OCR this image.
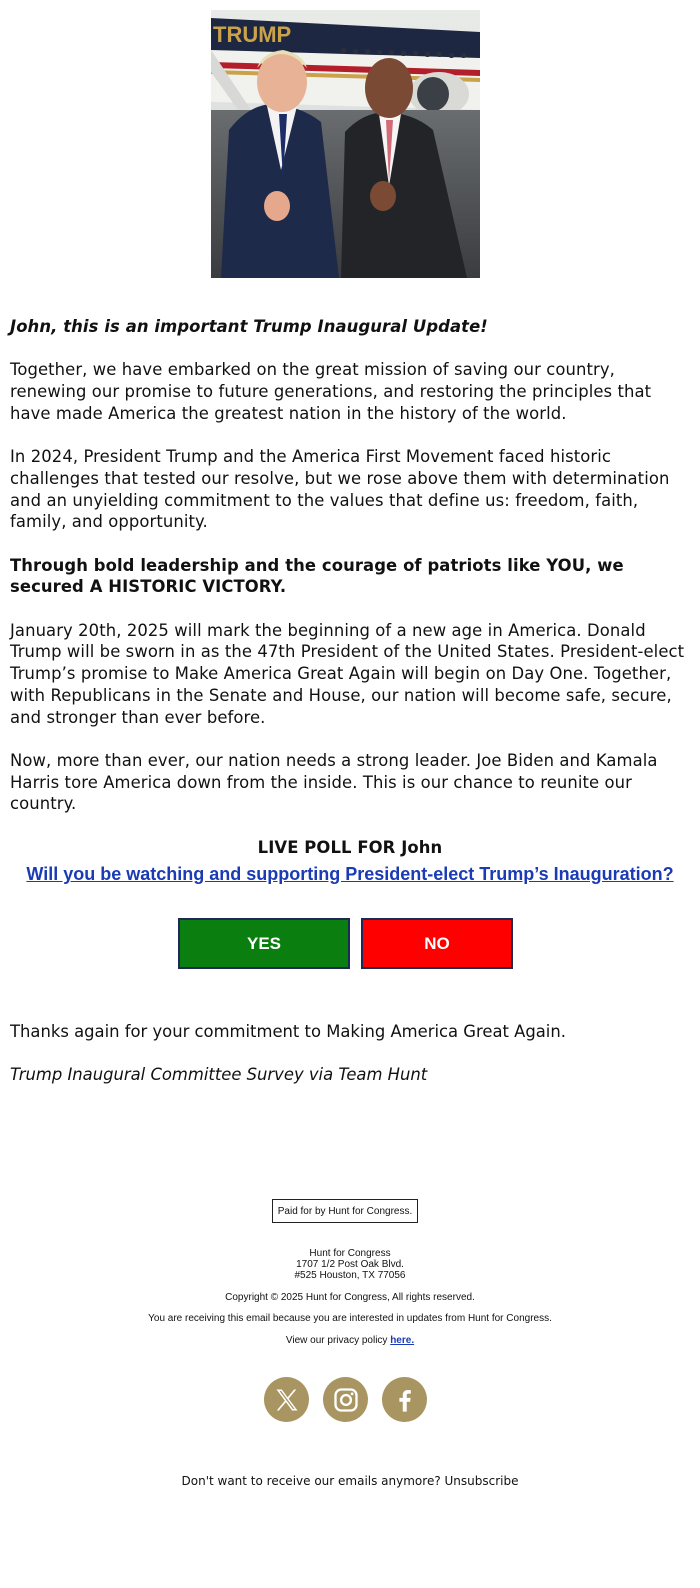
TRUMP

John, this is an important Trump Inaugural Update!

Together, we have embarked on the great mission of saving our country, renewing our promise to future generations, and restoring the principles that have made America the greatest nation in the history of the world.

In 2024, President Trump and the America First Movement faced historic challenges that tested our resolve, but we rose above them with determination and an unyielding commitment to the values that define us: freedom, faith, family, and opportunity.

Through bold leadership and the courage of patriots like YOU, we secured A HISTORIC VICTORY.

January 20th, 2025 will mark the beginning of a new age in America. Donald Trump will be sworn in as the 47th President of the United States. President-elect Trump’s promise to Make America Great Again will begin on Day One. Together, with Republicans in the Senate and House, our nation will become safe, secure, and stronger than ever before.

Now, more than ever, our nation needs a strong leader. Joe Biden and Kamala Harris tore America down from the inside. This is our chance to reunite our country.

LIVE POLL FOR John

Will you be watching and supporting President-elect Trump’s Inauguration?
YES	NO

Thanks again for your commitment to Making America Great Again.

Trump Inaugural Committee Survey via Team Hunt

Paid for by Hunt for Congress.
Hunt for Congress
1707 1/2 Post Oak Blvd.
#525 Houston, TX 77056
Copyright © 2025 Hunt for Congress, All rights reserved.
You are receiving this email because you are interested in updates from Hunt for Congress.
View our privacy policy here.
Don't want to receive our emails anymore? Unsubscribe
